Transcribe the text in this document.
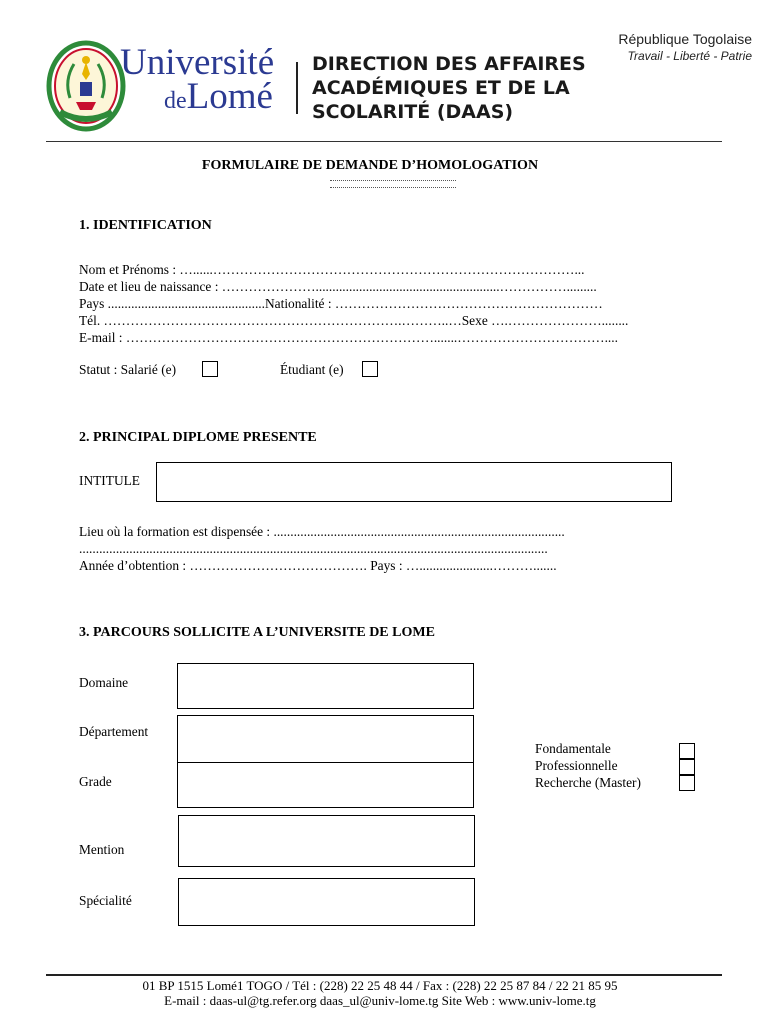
Université
deLomé
DIRECTION DES AFFAIRES
ACADÉMIQUES ET DE LA
SCOLARITÉ (DAAS)
République Togolaise
Travail - Liberté - Patrie
FORMULAIRE DE DEMANDE D’HOMOLOGATION
1. IDENTIFICATION
Nom et Prénoms : …......………………………………………………………………………...
Date et lieu de naissance : ………………….......................................................…………….........
Pays ...............................................Nationalité : ……………………………………………………
Tél. ………………………………………………………….………..…Sexe ….…………………........
E-mail : …………………………………………………………….......……………………………....
Statut : Salarié (e)	Étudiant (e)
2. PRINCIPAL DIPLOME PRESENTE
INTITULE
Lieu où la formation est dispensée : .......................................................................................
............................................................................................................................................
Année d’obtention : …………………………………. Pays : …......................……….......
3. PARCOURS SOLLICITE A L’UNIVERSITE DE LOME
Domaine
Département
Grade
Mention
Spécialité
Fondamentale
Professionnelle
Recherche (Master)
01 BP 1515 Lomé1 TOGO / Tél : (228) 22 25 48 44 / Fax : (228) 22 25 87 84 / 22 21 85 95
E-mail : daas-ul@tg.refer.org daas_ul@univ-lome.tg Site Web : www.univ-lome.tg
